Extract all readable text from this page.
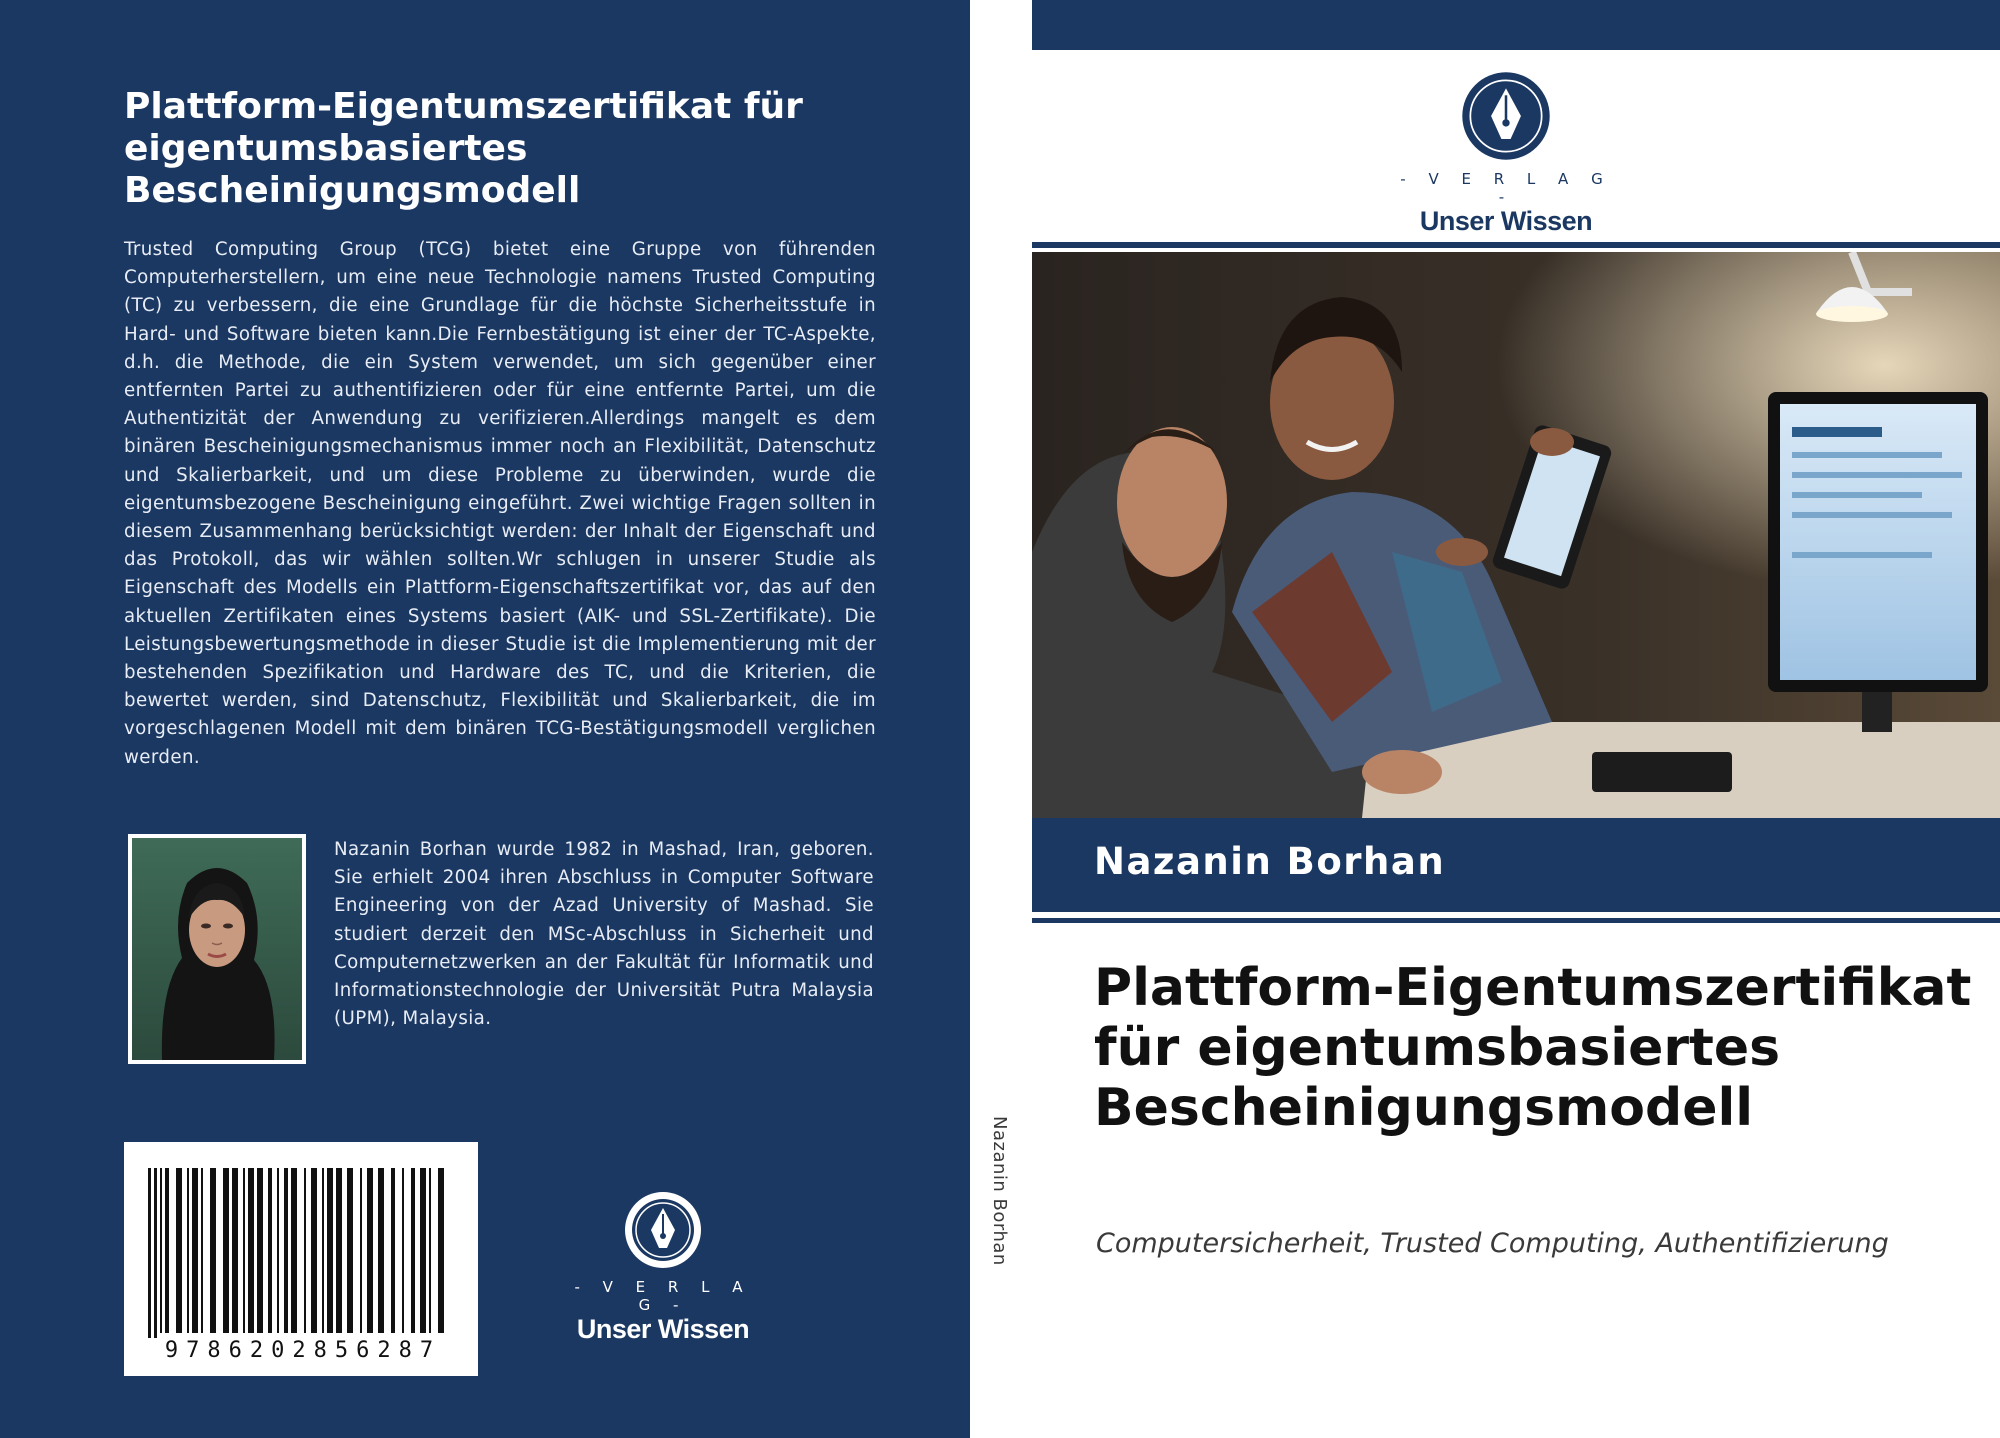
Plattform-Eigentumszertifikat für eigentumsbasiertes Bescheinigungsmodell

Trusted Computing Group (TCG) bietet eine Gruppe von führenden Computerherstellern, um eine neue Technologie namens Trusted Computing (TC) zu verbessern, die eine Grundlage für die höchste Sicherheitsstufe in Hard- und Software bieten kann.Die Fernbestätigung ist einer der TC-Aspekte, d.h. die Methode, die ein System verwendet, um sich gegenüber einer entfernten Partei zu authentifizieren oder für eine entfernte Partei, um die Authentizität der Anwendung zu verifizieren.Allerdings mangelt es dem binären Bescheinigungsmechanismus immer noch an Flexibilität, Datenschutz und Skalierbarkeit, und um diese Probleme zu überwinden, wurde die eigentumsbezogene Bescheinigung eingeführt. Zwei wichtige Fragen sollten in diesem Zusammenhang berücksichtigt werden: der Inhalt der Eigenschaft und das Protokoll, das wir wählen sollten.Wr schlugen in unserer Studie als Eigenschaft des Modells ein Plattform-Eigenschaftszertifikat vor, das auf den aktuellen Zertifikaten eines Systems basiert (AIK- und SSL-Zertifikate). Die Leistungsbewertungsmethode in dieser Studie ist die Implementierung mit der bestehenden Spezifikation und Hardware des TC, und die Kriterien, die bewertet werden, sind Datenschutz, Flexibilität und Skalierbarkeit, die im vorgeschlagenen Modell mit dem binären TCG-Bestätigungsmodell verglichen werden.

Nazanin Borhan wurde 1982 in Mashad, Iran, geboren. Sie erhielt 2004 ihren Abschluss in Computer Software Engineering von der Azad University of Mashad. Sie studiert derzeit den MSc-Abschluss in Sicherheit und Computernetzwerken an der Fakultät für Informatik und Informationstechnologie der Universität Putra Malaysia (UPM), Malaysia.

9786202856287
- V E R L A G -
Unser Wissen
Nazanin Borhan
- V E R L A G -
Unser Wissen
Nazanin Borhan
Plattform-Eigentumszertifikat für eigentumsbasiertes Bescheinigungsmodell

Computersicherheit, Trusted Computing, Authentifizierung
